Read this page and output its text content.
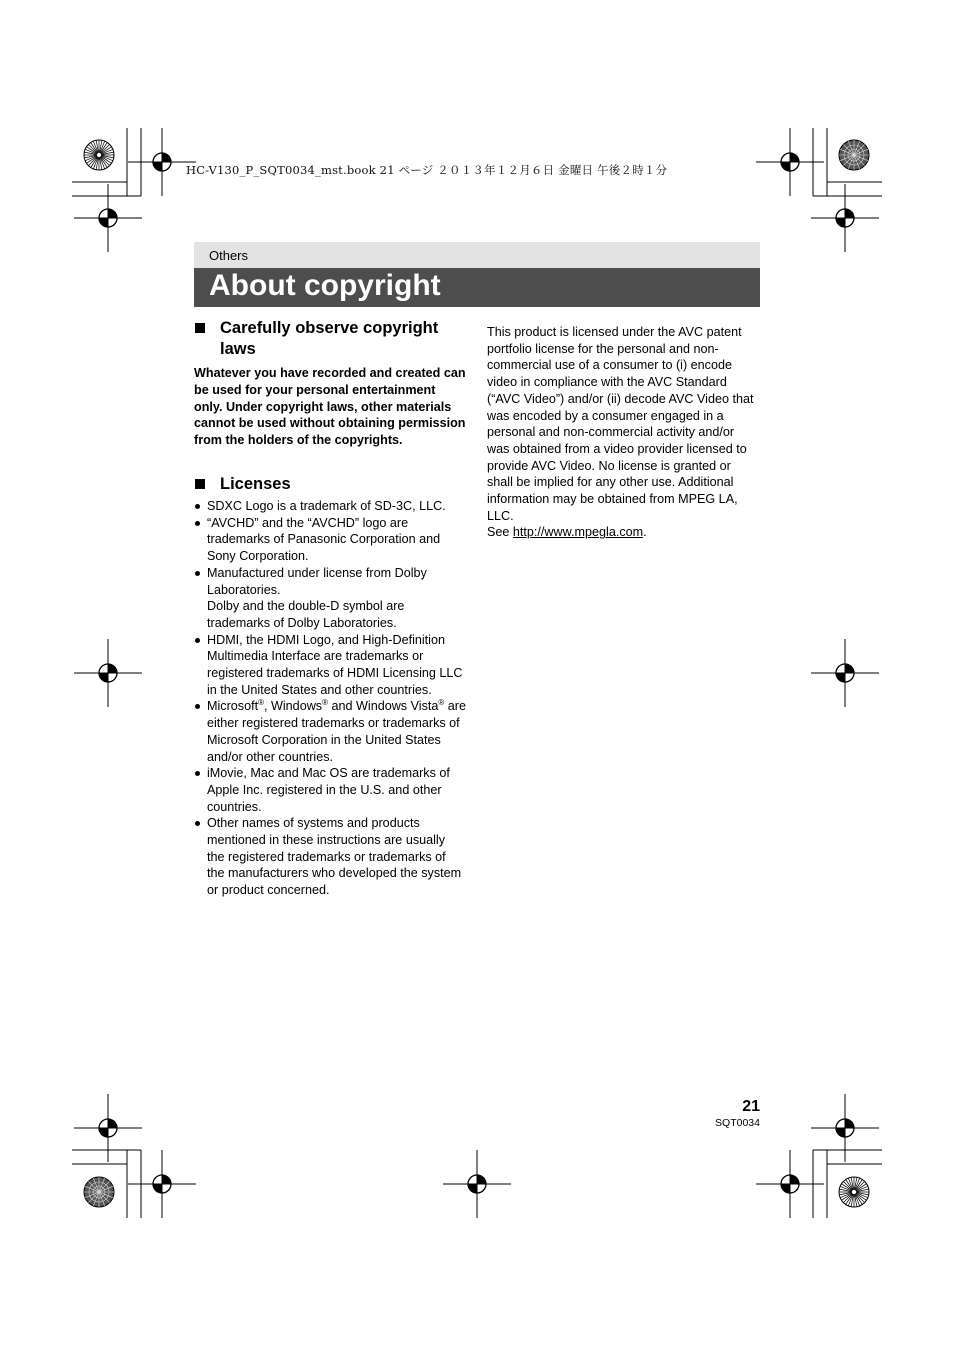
HC-V130_P_SQT0034_mst.book 21 ページ ２０１３年１２月６日 金曜日 午後２時１分
Others
About copyright
Carefully observe copyright laws

Whatever you have recorded and created can be used for your personal entertainment only. Under copyright laws, other materials cannot be used without obtaining permission from the holders of the copyrights.

Licenses
SDXC Logo is a trademark of SD-3C, LLC.
“AVCHD” and the “AVCHD” logo are trademarks of Panasonic Corporation and Sony Corporation.
Manufactured under license from Dolby Laboratories.
Dolby and the double-D symbol are trademarks of Dolby Laboratories.
HDMI, the HDMI Logo, and High-Definition Multimedia Interface are trademarks or registered trademarks of HDMI Licensing LLC in the United States and other countries.
Microsoft®, Windows® and Windows Vista® are either registered trademarks or trademarks of Microsoft Corporation in the United States and/or other countries.
iMovie, Mac and Mac OS are trademarks of Apple Inc. registered in the U.S. and other countries.
Other names of systems and products mentioned in these instructions are usually the registered trademarks or trademarks of the manufacturers who developed the system or product concerned.

This product is licensed under the AVC patent portfolio license for the personal and non-commercial use of a consumer to (i) encode video in compliance with the AVC Standard (“AVC Video”) and/or (ii) decode AVC Video that was encoded by a consumer engaged in a personal and non-commercial activity and/or was obtained from a video provider licensed to provide AVC Video. No license is granted or shall be implied for any other use. Additional information may be obtained from MPEG LA, LLC.
See http://www.mpegla.com.

21
SQT0034
